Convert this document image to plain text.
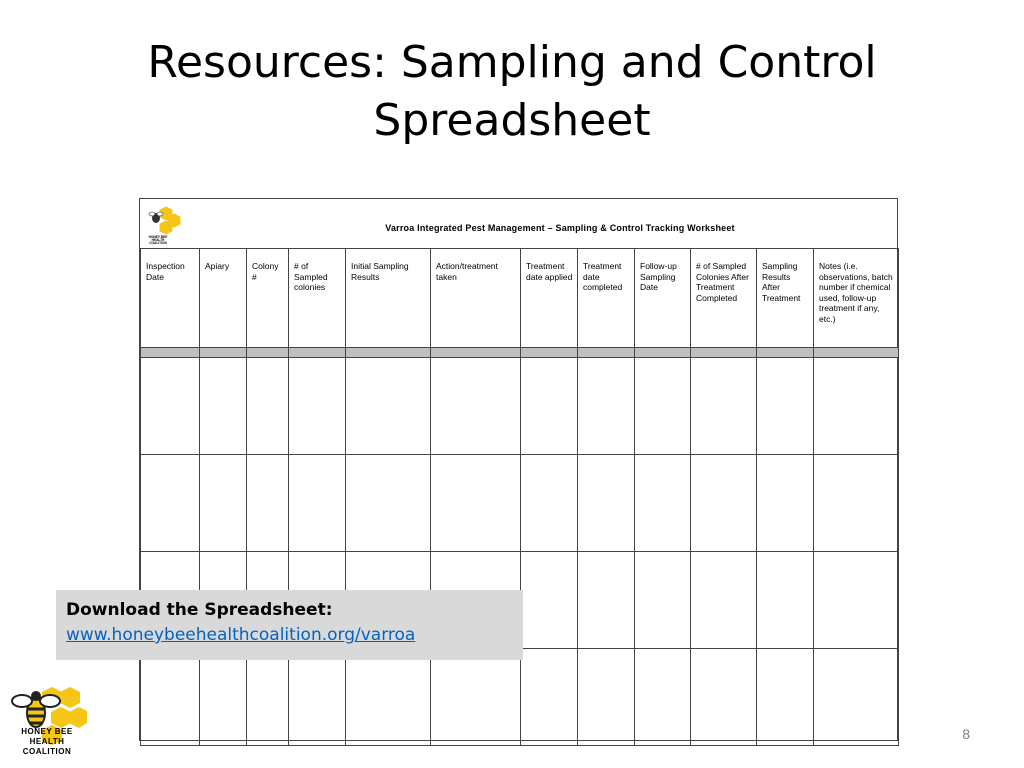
Resources: Sampling and Control Spreadsheet
HONEY BEE
HEALTH
COALITION
Varroa Integrated Pest Management – Sampling & Control Tracking Worksheet
Inspection Date	Apiary	Colony #	# of Sampled colonies	Initial Sampling Results	Action/treatment taken	Treatment date applied	Treatment date completed	Follow-up Sampling Date	# of Sampled Colonies After Treatment Completed	Sampling Results After Treatment	Notes (i.e. observations, batch number if chemical used, follow-up treatment if any, etc.)

Download the Spreadsheet:
www.honeybeehealthcoalition.org/varroa
HONEY BEE
HEALTH
COALITION
8
